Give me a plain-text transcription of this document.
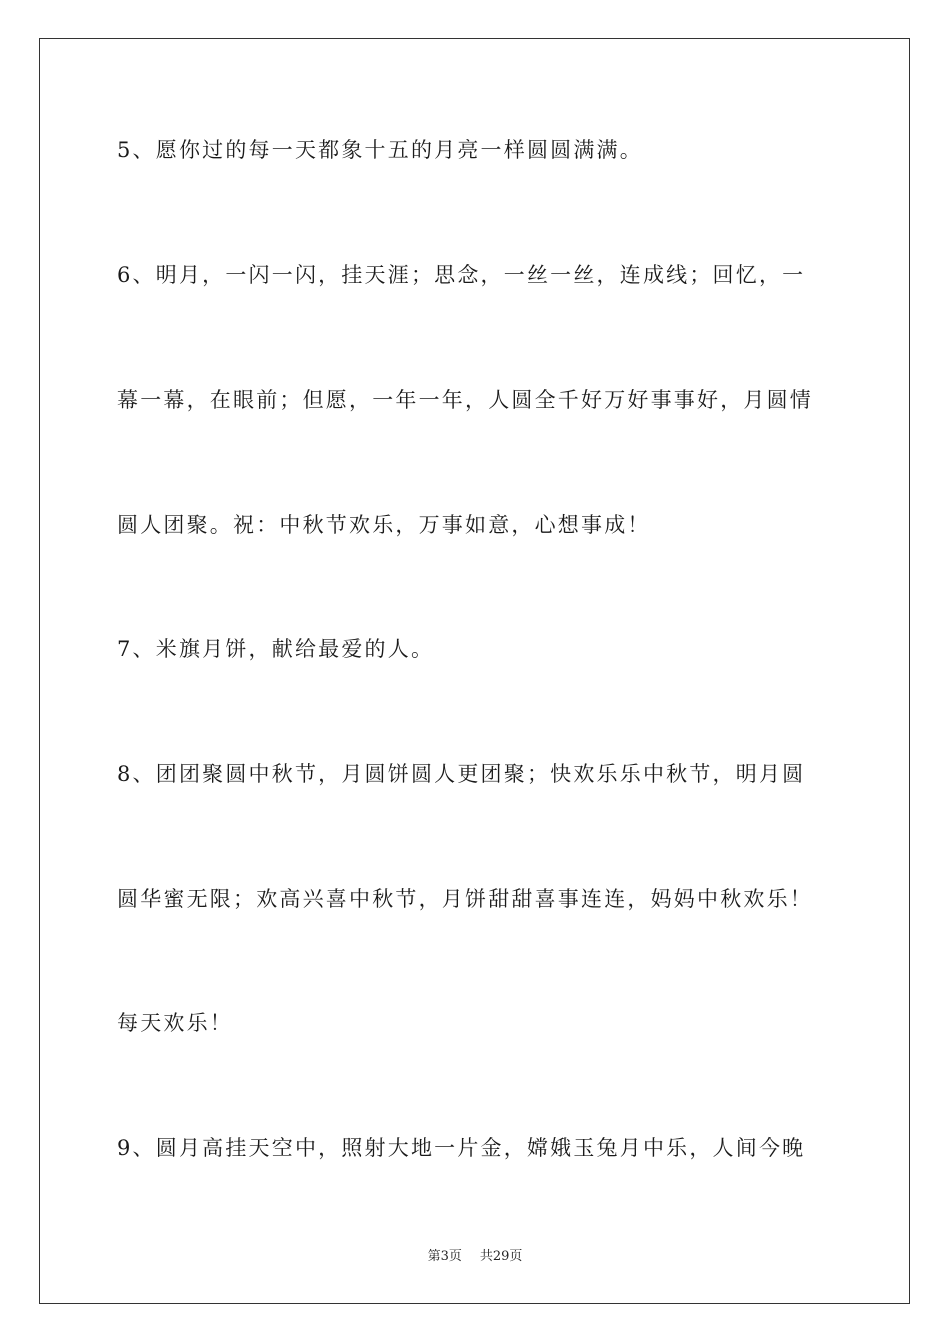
5、愿你过的每一天都象十五的月亮一样圆圆满满。
6、明月，一闪一闪，挂天涯；思念，一丝一丝，连成线；回忆，一
幕一幕，在眼前；但愿，一年一年，人圆全千好万好事事好，月圆情
圆人团聚。祝：中秋节欢乐，万事如意，心想事成！
7、米旗月饼，献给最爱的人。
8、团团聚圆中秋节，月圆饼圆人更团聚；快欢乐乐中秋节，明月圆
圆华蜜无限；欢高兴喜中秋节，月饼甜甜喜事连连，妈妈中秋欢乐！
每天欢乐！
9、圆月高挂天空中，照射大地一片金，嫦娥玉兔月中乐，人间今晚
第3页 共29页
